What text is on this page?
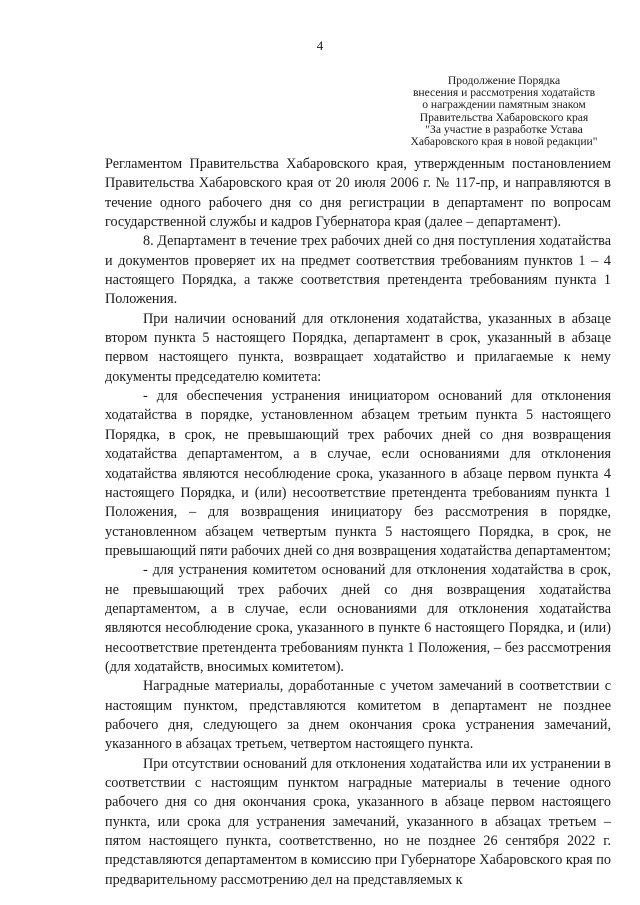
4
Продолжение Порядка
внесения и рассмотрения ходатайств
о награждении памятным знаком
Правительства Хабаровского края
"За участие в разработке Устава
Хабаровского края в новой редакции"

Регламентом Правительства Хабаровского края, утвержденным постановлением Правительства Хабаровского края от 20 июля 2006 г. № 117-пр, и направляются в течение одного рабочего дня со дня регистрации в департамент по вопросам государственной службы и кадров Губернатора края (далее – департамент).

8. Департамент в течение трех рабочих дней со дня поступления ходатайства и документов проверяет их на предмет соответствия требованиям пунктов 1 – 4 настоящего Порядка, а также соответствия претендента требованиям пункта 1 Положения.

При наличии оснований для отклонения ходатайства, указанных в абзаце втором пункта 5 настоящего Порядка, департамент в срок, указанный в абзаце первом настоящего пункта, возвращает ходатайство и прилагаемые к нему документы председателю комитета:

- для обеспечения устранения инициатором оснований для отклонения ходатайства в порядке, установленном абзацем третьим пункта 5 настоящего Порядка, в срок, не превышающий трех рабочих дней со дня возвращения ходатайства департаментом, а в случае, если основаниями для отклонения ходатайства являются несоблюдение срока, указанного в абзаце первом пункта 4 настоящего Порядка, и (или) несоответствие претендента требованиям пункта 1 Положения, – для возвращения инициатору без рассмотрения в порядке, установленном абзацем четвертым пункта 5 настоящего Порядка, в срок, не превышающий пяти рабочих дней со дня возвращения ходатайства департаментом;

- для устранения комитетом оснований для отклонения ходатайства в срок, не превышающий трех рабочих дней со дня возвращения ходатайства департаментом, а в случае, если основаниями для отклонения ходатайства являются несоблюдение срока, указанного в пункте 6 настоящего Порядка, и (или) несоответствие претендента требованиям пункта 1 Положения, – без рассмотрения (для ходатайств, вносимых комитетом).

Наградные материалы, доработанные с учетом замечаний в соответствии с настоящим пунктом, представляются комитетом в департамент не позднее рабочего дня, следующего за днем окончания срока устранения замечаний, указанного в абзацах третьем, четвертом настоящего пункта.

При отсутствии оснований для отклонения ходатайства или их устранении в соответствии с настоящим пунктом наградные материалы в течение одного рабочего дня со дня окончания срока, указанного в абзаце первом настоящего пункта, или срока для устранения замечаний, указанного в абзацах третьем – пятом настоящего пункта, соответственно, но не позднее 26 сентября 2022 г. представляются департаментом в комиссию при Губернаторе Хабаровского края по предварительному рассмотрению дел на представляемых к
